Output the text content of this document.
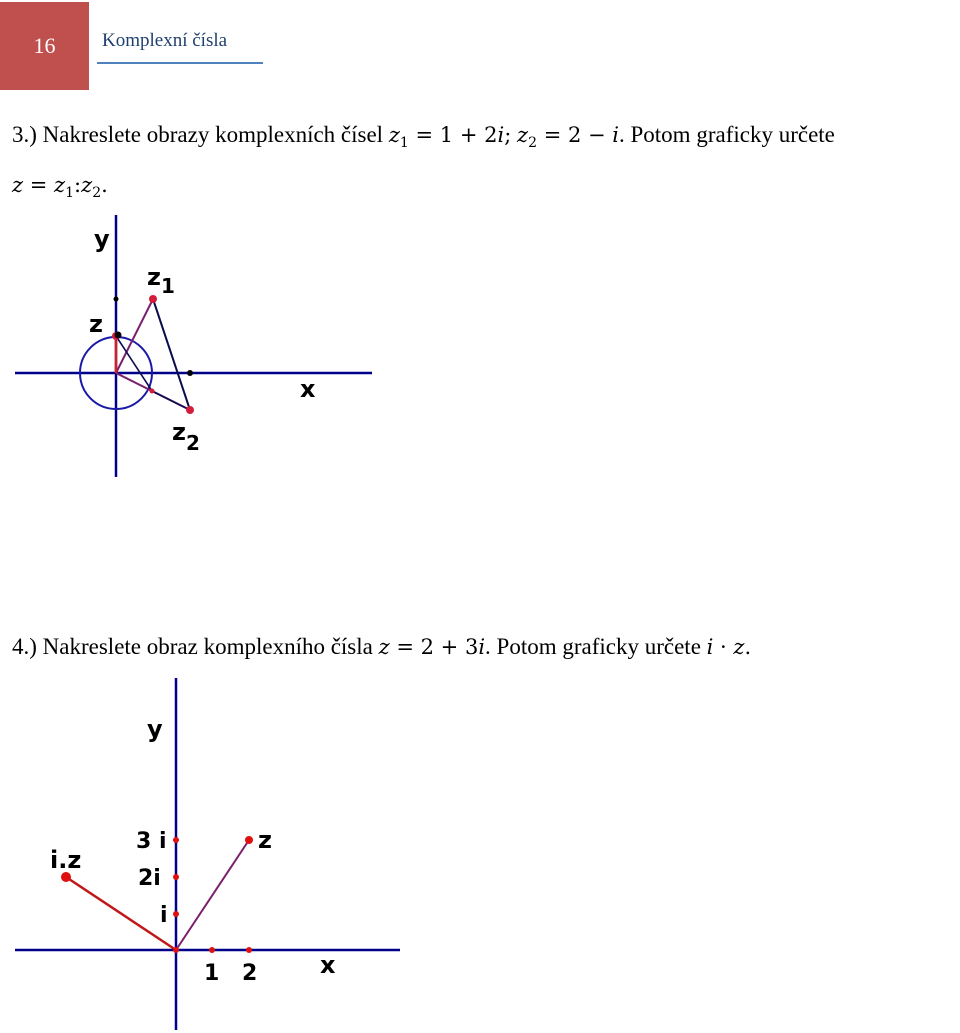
16 Komplexní čísla
3.) Nakreslete obrazy komplexních čísel $z_1 = 1 + 2i$; $z_2 = 2 - i$. Potom graficky určete
$z = z_1:z_2$.
y
x
$z_1$
z
$z_2$
4.) Nakreslete obraz komplexního čísla z = 2 + 3i. Potom graficky určete i · z.
y
x
z
i.z
3 i
2i
i
1 2
